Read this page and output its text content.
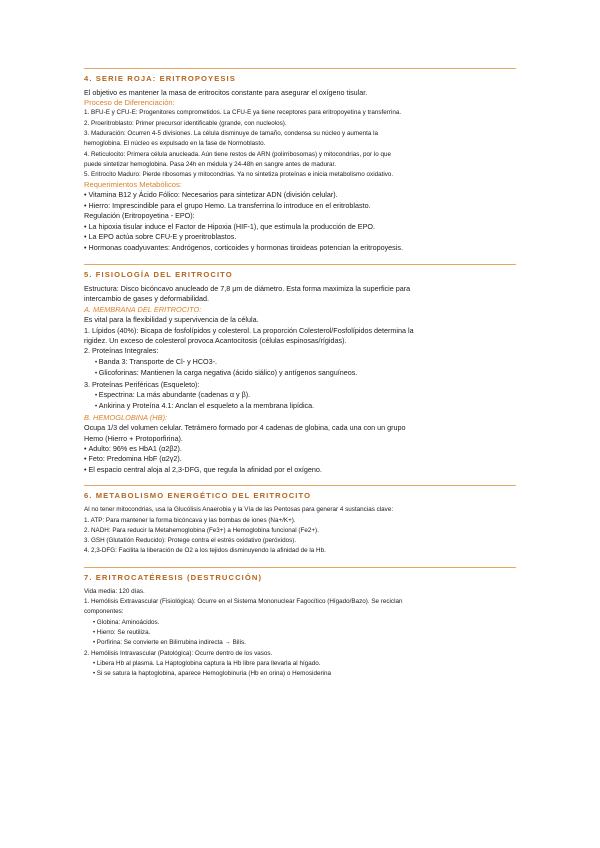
4. SERIE ROJA: ERITROPOYESIS

El objetivo es mantener la masa de eritrocitos constante para asegurar el oxígeno tisular.

Proceso de Diferenciación:

1. BFU-E y CFU-E: Progenitores comprometidos. La CFU-E ya tiene receptores para eritropoyetina y transferrina.

2. Proeritroblasto: Primer precursor identificable (grande, con nucleolos).

3. Maduración: Ocurren 4-5 divisiones. La célula disminuye de tamaño, condensa su núcleo y aumenta la

hemoglobina. El núcleo es expulsado en la fase de Normoblasto.

4. Reticulocito: Primera célula anucleada. Aún tiene restos de ARN (polirribosomas) y mitocondrias, por lo que

puede sintetizar hemoglobina. Pasa 24h en médula y 24-48h en sangre antes de madurar.

5. Eritrocito Maduro: Pierde ribosomas y mitocondrias. Ya no sintetiza proteínas e inicia metabolismo oxidativo.

Requerimientos Metabólicos:

• Vitamina B12 y Ácido Fólico: Necesarios para sintetizar ADN (división celular).

• Hierro: Imprescindible para el grupo Hemo. La transferrina lo introduce en el eritroblasto.

Regulación (Eritropoyetina - EPO):

• La hipoxia tisular induce el Factor de Hipoxia (HIF-1), que estimula la producción de EPO.

• La EPO actúa sobre CFU-E y proeritroblastos.

• Hormonas coadyuvantes: Andrógenos, corticoides y hormonas tiroideas potencian la eritropoyesis.

5. FISIOLOGÍA DEL ERITROCITO

Estructura: Disco bicóncavo anucleado de 7,8 μm de diámetro. Esta forma maximiza la superficie para

intercambio de gases y deformabilidad.

A. MEMBRANA DEL ERITROCITO:

Es vital para la flexibilidad y supervivencia de la célula.

1. Lípidos (40%): Bicapa de fosfolípidos y colesterol. La proporción Colesterol/Fosfolípidos determina la

rigidez. Un exceso de colesterol provoca Acantocitosis (células espinosas/rígidas).

2. Proteínas Integrales:

• Banda 3: Transporte de Cl- y HCO3-.

• Glicoforinas: Mantienen la carga negativa (ácido siálico) y antígenos sanguíneos.

3. Proteínas Periféricas (Esqueleto):

• Espectrina: La más abundante (cadenas α y β).

• Ankirina y Proteína 4.1: Anclan el esqueleto a la membrana lipídica.

B. HEMOGLOBINA (HB):

Ocupa 1/3 del volumen celular. Tetrámero formado por 4 cadenas de globina, cada una con un grupo

Hemo (Hierro + Protoporfirina).

• Adulto: 96% es HbA1 (α2β2).

• Feto: Predomina HbF (α2γ2).

• El espacio central aloja al 2,3-DFG, que regula la afinidad por el oxígeno.

6. METABOLISMO ENERGÉTICO DEL ERITROCITO

Al no tener mitocondrias, usa la Glucólisis Anaerobia y la Vía de las Pentosas para generar 4 sustancias clave:

1. ATP: Para mantener la forma bicóncava y las bombas de iones (Na+/K+).

2. NADH: Para reducir la Metahemoglobina (Fe3+) a Hemoglobina funcional (Fe2+).

3. GSH (Glutatión Reducido): Protege contra el estrés oxidativo (peróxidos).

4. 2,3-DFG: Facilita la liberación de O2 a los tejidos disminuyendo la afinidad de la Hb.

7. ERITROCATÉRESIS (DESTRUCCIÓN)

Vida media: 120 días.

1. Hemólisis Extravascular (Fisiológica): Ocurre en el Sistema Mononuclear Fagocítico (Hígado/Bazo). Se reciclan

componentes:

• Globina: Aminoácidos.

• Hierro: Se reutiliza.

• Porfirina: Se convierte en Bilirrubina indirecta → Bilis.

2. Hemólisis Intravascular (Patológica): Ocurre dentro de los vasos.

• Libera Hb al plasma. La Haptoglobina captura la Hb libre para llevarla al hígado.

• Si se satura la haptoglobina, aparece Hemoglobinuria (Hb en orina) o Hemosiderina
